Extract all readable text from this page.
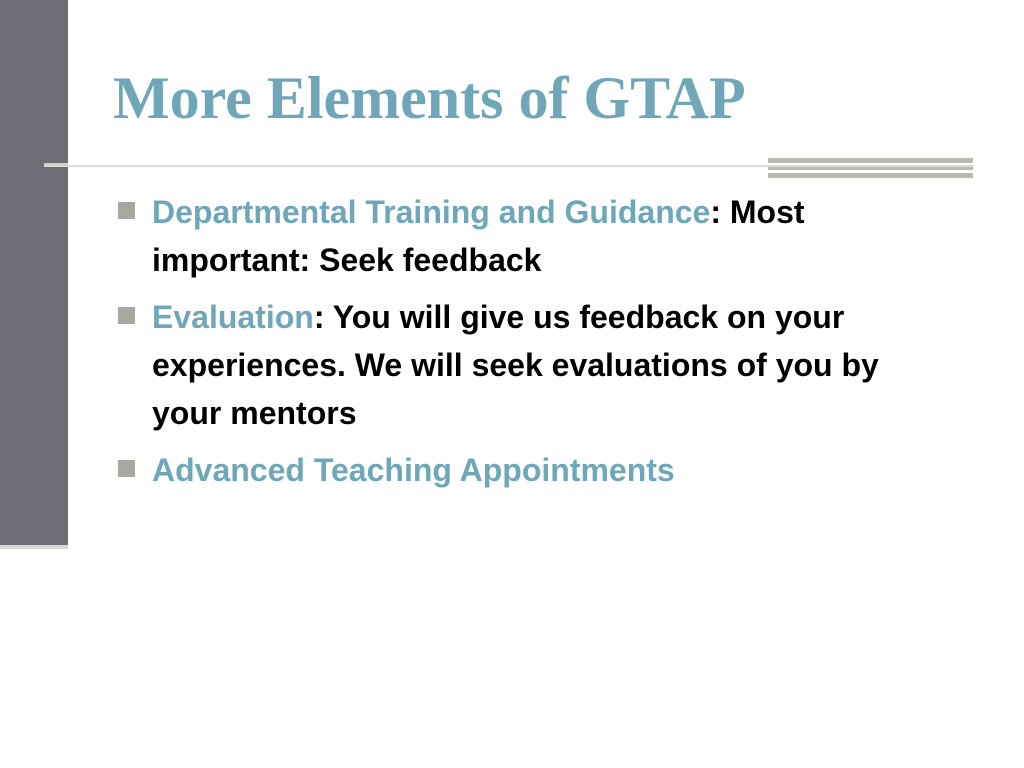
More Elements of GTAP
Departmental Training and Guidance: Most important: Seek feedback
Evaluation: You will give us feedback on your experiences. We will seek evaluations of you by your mentors
Advanced Teaching Appointments
